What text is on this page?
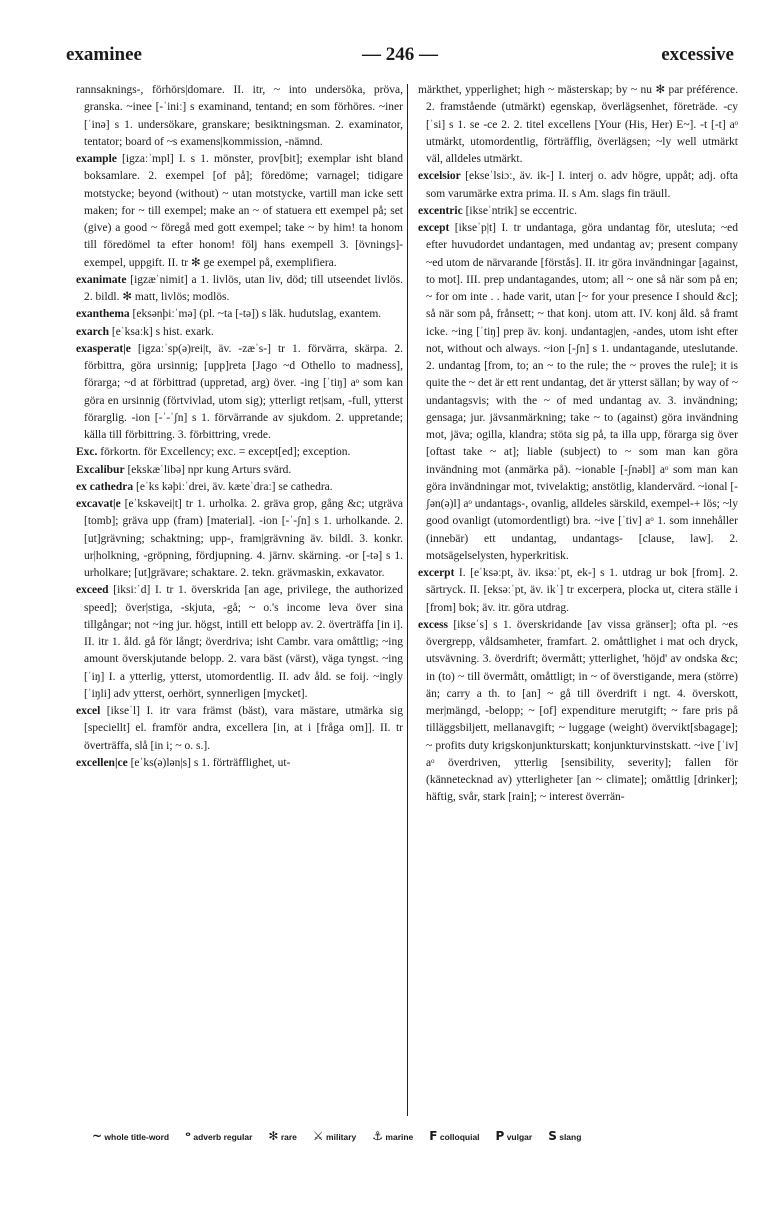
examinee	— 246 —	excessive

rannsaknings-, förhörs|domare. II. itr, ~ into undersöka, pröva, granska. ~inee [-ˈiniː] s examinand, tentand; en som förhöres. ~iner [ˈinə] s 1. undersökare, granskare; besiktningsman. 2. examinator, tentator; board of ~s examens|kommission, -nämnd.

example [igzaːˈmpl] I. s 1. mönster, prov[bit]; exemplar isht bland boksamlare. 2. exempel [of på]; föredöme; varnagel; tidigare motstycke; beyond (without) ~ utan motstycke, vartill man icke sett maken; for ~ till exempel; make an ~ of statuera ett exempel på; set (give) a good ~ föregå med gott exempel; take ~ by him! ta honom till föredömel ta efter honom! följ hans exempell 3. [övnings]-exempel, uppgift. II. tr ✻ ge exempel på, exemplifiera.

exanimate [igzæˈnimit] a 1. livlös, utan liv, död; till utseendet livlös. 2. bildl. ✻ matt, livlös; modlös.

exanthema [eksənþiːˈmə] (pl. ~ta [-tə]) s läk. hudutslag, exantem.

exarch [eˈksaːk] s hist. exark.

exasperat|e [igzaːˈsp(ə)rei|t, äv. -zæˈs-] tr 1. förvärra, skärpa. 2. förbittra, göra ursinnig; [upp]reta [Jago ~d Othello to madness], förarga; ~d at förbittrad (uppretad, arg) över. -ing [ˈtiŋ] aᵒ som kan göra en ursinnig (förtvivlad, utom sig); ytterligt ret|sam, -full, ytterst förarglig. -ion [-ˈ-ˈʃn] s 1. förvärrande av sjukdom. 2. uppretande; källa till förbittring. 3. förbittring, vrede.

Exc. förkortn. för Excellency; exc. = except[ed]; exception.

Excalibur [ekskæˈlibə] npr kung Arturs svärd.

ex cathedra [eˈks kəþiːˈdrei, äv. kæteˈdraː] se cathedra.

excavat|e [eˈkskəvei|t] tr 1. urholka. 2. gräva grop, gång &c; utgräva [tomb]; gräva upp (fram) [material]. -ion [-ˈ-ʃn] s 1. urholkande. 2. [ut]grävning; schaktning; upp-, fram|grävning äv. bildl. 3. konkr. ur|holkning, -gröpning, fördjupning. 4. järnv. skärning. -or [-tə] s 1. urholkare; [ut]grävare; schaktare. 2. tekn. grävmaskin, exkavator.

exceed [iksiːˈd] I. tr 1. överskrida [an age, privilege, the authorized speed]; över|stiga, -skjuta, -gå; ~ o.'s income leva över sina tillgångar; not ~ing jur. högst, intill ett belopp av. 2. överträffa [in i]. II. itr 1. åld. gå för långt; överdriva; isht Cambr. vara omåttlig; ~ing amount överskjutande belopp. 2. vara bäst (värst), väga tyngst. ~ing [ˈiŋ] I. a ytterlig, ytterst, utomordentlig. II. adv åld. se foij. ~ingly [ˈiŋli] adv ytterst, oerhört, synnerligen [mycket].

excel [ikseˈl] I. itr vara främst (bäst), vara mästare, utmärka sig [speciellt] el. framför andra, excellera [in, at i [fråga om]]. II. tr överträffa, slå [in i; ~ o. s.].

excellen|ce [eˈks(ə)lən|s] s 1. förträfflighet, ut-

märkthet, ypperlighet; high ~ mästerskap; by ~ nu ✻ par préférence. 2. framstående (utmärkt) egenskap, överlägsenhet, företräde. -cy [ˈsi] s 1. se -ce 2. 2. titel excellens [Your (His, Her) E~]. -t [-t] aᵒ utmärkt, utomordentlig, förträfflig, överlägsen; ~ly well utmärkt väl, alldeles utmärkt.

excelsior [ekseˈlsiɔː, äv. ik-] I. interj o. adv högre, uppåt; adj. ofta som varumärke extra prima. II. s Am. slags fin träull.

excentric [ikseˈntrik] se eccentric.

except [ikseˈp|t] I. tr undantaga, göra undantag för, utesluta; ~ed efter huvudordet undantagen, med undantag av; present company ~ed utom de närvarande [förstås]. II. itr göra invändningar [against, to mot]. III. prep undantagandes, utom; all ~ one så när som på en; ~ for om inte . . hade varit, utan [~ for your presence I should &c]; så när som på, frånsett; ~ that konj. utom att. IV. konj åld. så framt icke. ~ing [ˈtiŋ] prep äv. konj. undantag|en, -andes, utom isht efter not, without och always. ~ion [-ʃn] s 1. undantagande, uteslutande. 2. undantag [from, to; an ~ to the rule; the ~ proves the rule]; it is quite the ~ det är ett rent undantag, det är ytterst sällan; by way of ~ undantagsvis; with the ~ of med undantag av. 3. invändning; gensaga; jur. jävsanmärkning; take ~ to (against) göra invändning mot, jäva; ogilla, klandra; stöta sig på, ta illa upp, förarga sig över [oftast take ~ at]; liable (subject) to ~ som man kan göra invändning mot (anmärka på). ~ionable [-ʃnəbl] aᵒ som man kan göra invändningar mot, tvivelaktig; anstötlig, klandervärd. ~ional [-ʃən(ə)l] aᵒ undantags-, ovanlig, alldeles särskild, exempel-+ lös; ~ly good ovanligt (utomordentligt) bra. ~ive [ˈtiv] aᵒ 1. som innehåller (innebär) ett undantag, undantags- [clause, law]. 2. motsägelselysten, hyperkritisk.

excerpt I. [eˈksəːpt, äv. iksəːˈpt, ek-] s 1. utdrag ur bok [from]. 2. särtryck. II. [eksəːˈpt, äv. ikˈ] tr excerpera, plocka ut, citera ställe i [from] bok; äv. itr. göra utdrag.

excess [ikseˈs] s 1. överskridande [av vissa gränser]; ofta pl. ~es övergrepp, våldsamheter, framfart. 2. omåttlighet i mat och dryck, utsvävning. 3. överdrift; övermått; ytterlighet, 'höjd' av ondska &c; in (to) ~ till övermått, omåttligt; in ~ of överstigande, mera (större) än; carry a th. to [an] ~ gå till överdrift i ngt. 4. överskott, mer|mängd, -belopp; ~ [of] expenditure merutgift; ~ fare pris på tilläggsbiljett, mellanavgift; ~ luggage (weight) övervikt[sbagage]; ~ profits duty krigskonjunkturskatt; konjunkturvinstskatt. ~ive [ˈiv] aᵒ överdriven, ytterlig [sensibility, severity]; fallen för (kännetecknad av) ytterligheter [an ~ climate]; omåttlig [drinker]; häftig, svår, stark [rain]; ~ interest överrän-

~ whole title-word ᵒ adverb regular ✻ rare ⚔ military ⚓ marine F colloquial P vulgar S slang
